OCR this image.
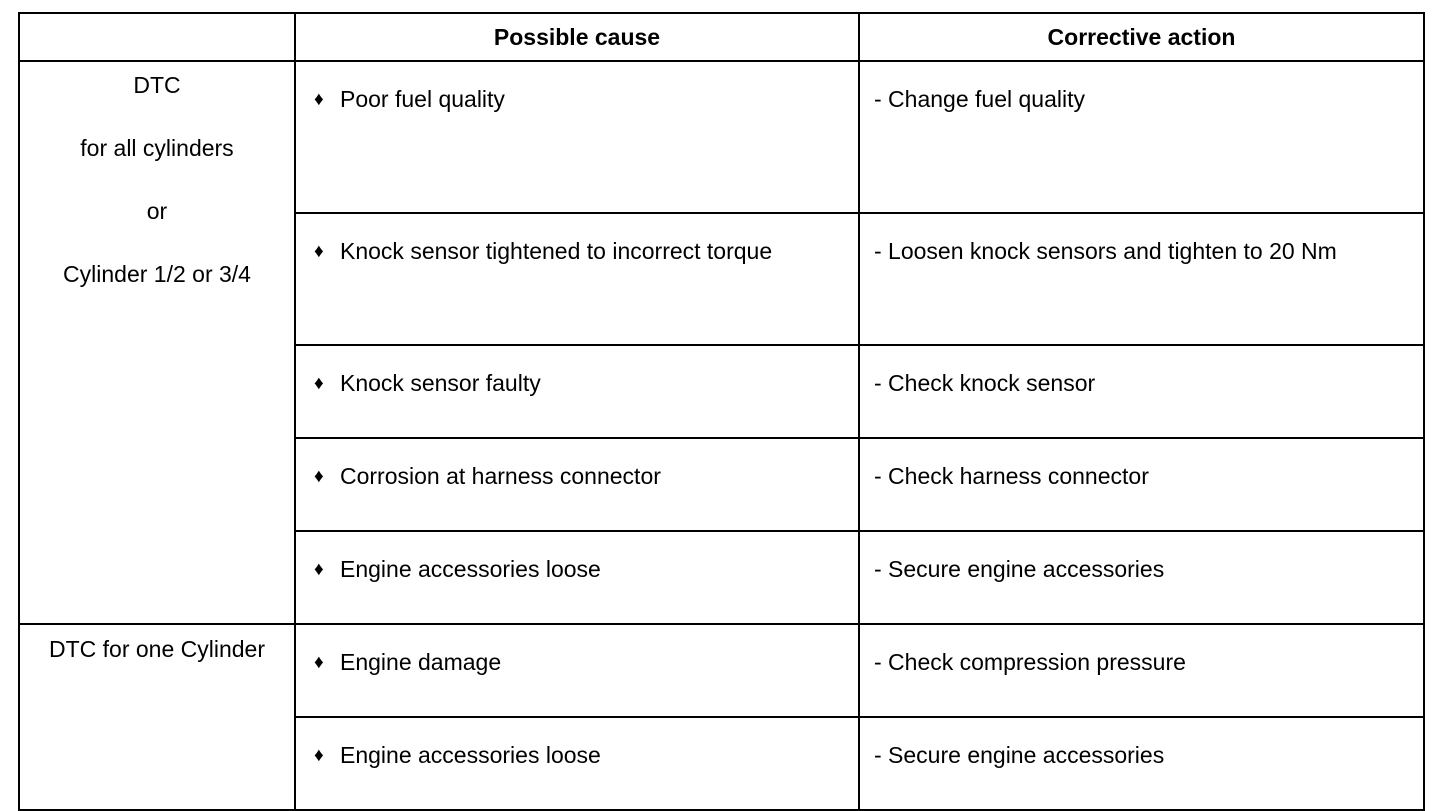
	Possible cause	Corrective action

DTC
for all cylinders
or
Cylinder 1/2 or 3/4	♦ Poor fuel quality	- Change fuel quality
	♦ Knock sensor tightened to incorrect torque	- Loosen knock sensors and tighten to 20 Nm
	♦ Knock sensor faulty	- Check knock sensor
	♦ Corrosion at harness connector	- Check harness connector
	♦ Engine accessories loose	- Secure engine accessories

DTC for one Cylinder	♦ Engine damage	- Check compression pressure
	♦ Engine accessories loose	- Secure engine accessories
